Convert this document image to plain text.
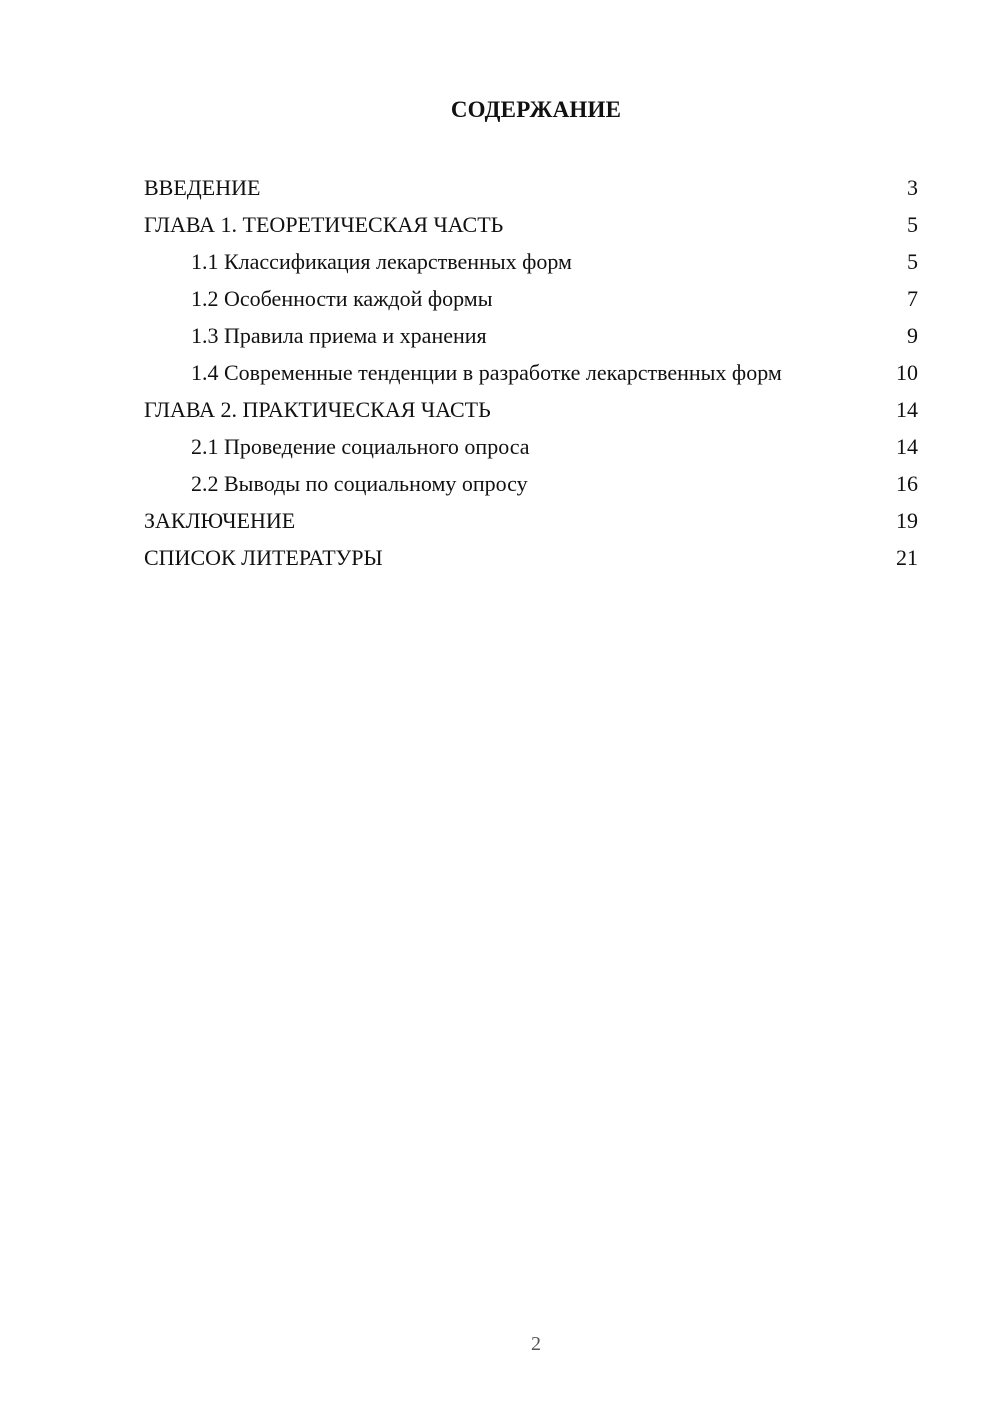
СОДЕРЖАНИЕ
ВВЕДЕНИЕ	3
ГЛАВА 1. ТЕОРЕТИЧЕСКАЯ ЧАСТЬ	5
1.1 Классификация лекарственных форм	5
1.2 Особенности каждой формы	7
1.3 Правила приема и хранения	9
1.4 Современные тенденции в разработке лекарственных форм	10
ГЛАВА 2. ПРАКТИЧЕСКАЯ ЧАСТЬ	14
2.1 Проведение социального опроса	14
2.2 Выводы по социальному опросу	16
ЗАКЛЮЧЕНИЕ	19
СПИСОК ЛИТЕРАТУРЫ	21
2
